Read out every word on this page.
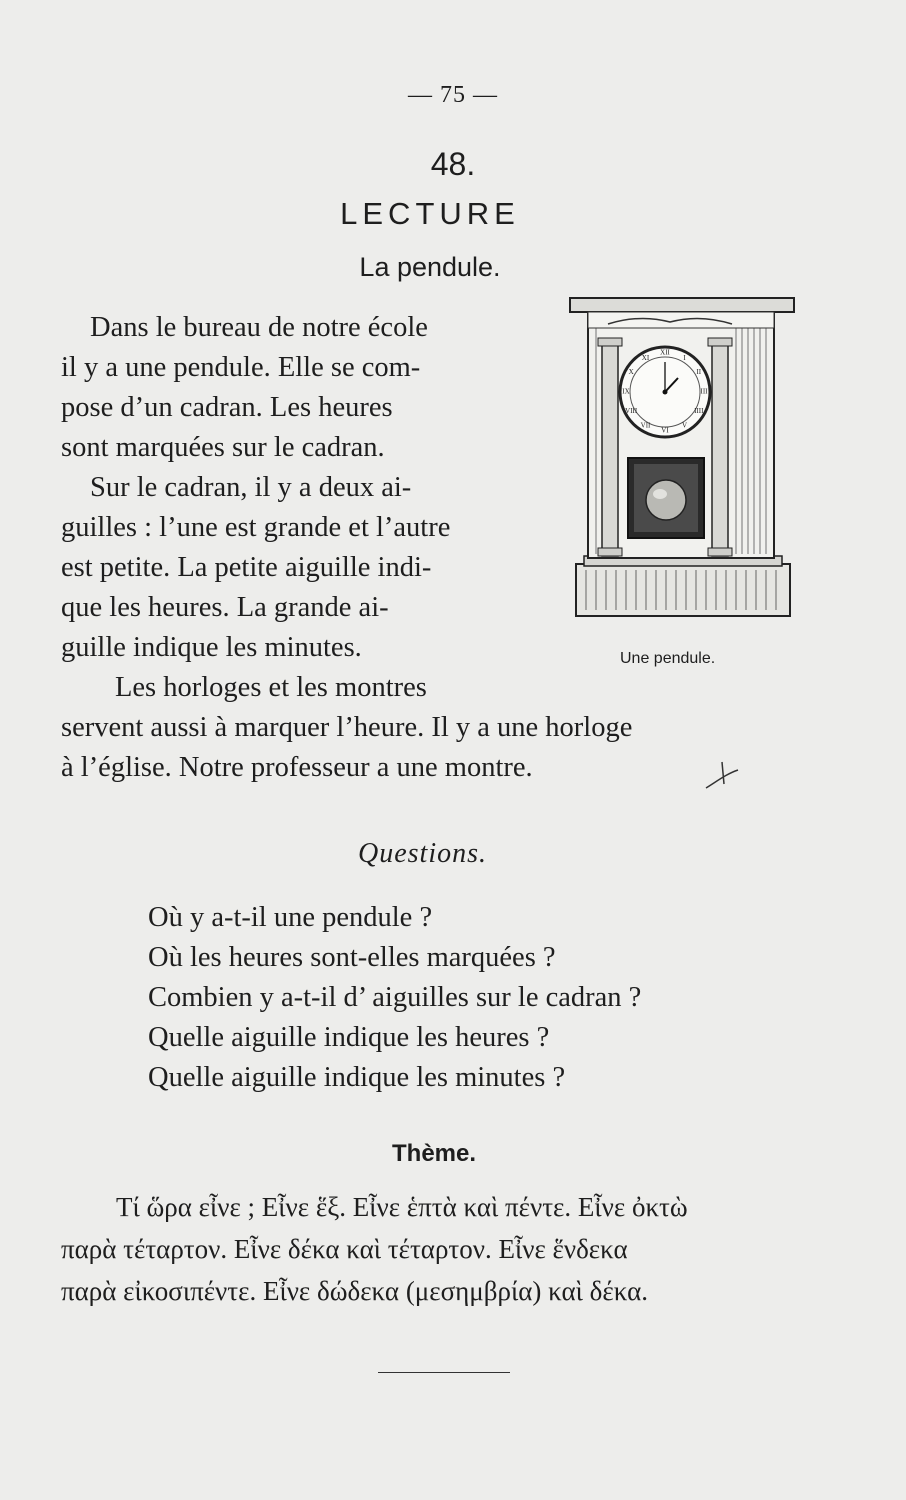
— 75 —
48.
LECTURE
La pendule.
Dans le bureau de notre école
il y a une pendule. Elle se com-
pose d’un cadran. Les heures
sont marquées sur le cadran.
Sur le cadran, il y a deux ai-
guilles : l’une est grande et l’autre
est petite. La petite aiguille indi-
que les heures. La grande ai-
guille indique les minutes.
Les horloges et les montres
servent aussi à marquer l’heure. Il y a une horloge
à l’église. Notre professeur a une montre.
XII
I
II
III
IIII
V
VI
VII
VIII
IX
X
XI
Une pendule.
Questions.
Où y a-t-il une pendule ?
Où les heures sont-elles marquées ?
Combien y a-t-il d’ aiguilles sur le cadran ?
Quelle aiguille indique les heures ?
Quelle aiguille indique les minutes ?
Thème.
Τί ὥρα εἶνε ; Εἶνε ἕξ. Εἶνε ἑπτὰ καὶ πέντε. Εἶνε ὀκτὼ
παρὰ τέταρτον. Εἶνε δέκα καὶ τέταρτον. Εἶνε ἕνδεκα
παρὰ εἰκοσιπέντε. Εἶνε δώδεκα (μεσημβρία) καὶ δέκα.
